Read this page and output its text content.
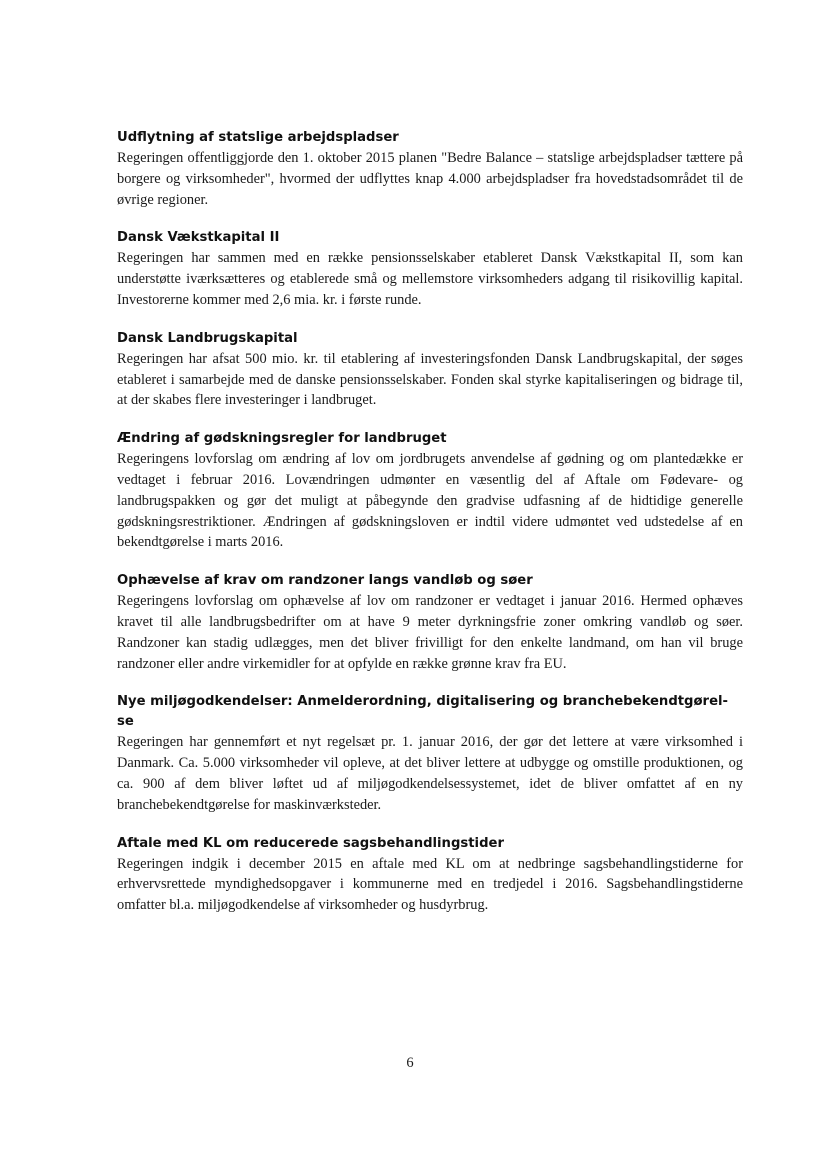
Udflytning af statslige arbejdspladser

Regeringen offentliggjorde den 1. oktober 2015 planen "Bedre Balance – statslige arbejdspladser tættere på borgere og virksomheder", hvormed der udflyttes knap 4.000 arbejdspladser fra hovedstadsområdet til de øvrige regioner.

Dansk Vækstkapital II

Regeringen har sammen med en række pensionsselskaber etableret Dansk Vækstkapital II, som kan understøtte iværksætteres og etablerede små og mellemstore virksomheders adgang til risikovillig kapital. Investorerne kommer med 2,6 mia. kr. i første runde.

Dansk Landbrugskapital

Regeringen har afsat 500 mio. kr. til etablering af investeringsfonden Dansk Landbrugskapital, der søges etableret i samarbejde med de danske pensionsselskaber. Fonden skal styrke kapitaliseringen og bidrage til, at der skabes flere investeringer i landbruget.

Ændring af gødskningsregler for landbruget

Regeringens lovforslag om ændring af lov om jordbrugets anvendelse af gødning og om plantedække er vedtaget i februar 2016. Lovændringen udmønter en væsentlig del af Aftale om Fødevare- og landbrugspakken og gør det muligt at påbegynde den gradvise udfasning af de hidtidige generelle gødskningsrestriktioner. Ændringen af gødskningsloven er indtil videre udmøntet ved udstedelse af en bekendtgørelse i marts 2016.

Ophævelse af krav om randzoner langs vandløb og søer

Regeringens lovforslag om ophævelse af lov om randzoner er vedtaget i januar 2016. Hermed ophæves kravet til alle landbrugsbedrifter om at have 9 meter dyrkningsfrie zoner omkring vandløb og søer. Randzoner kan stadig udlægges, men det bliver frivilligt for den enkelte landmand, om han vil bruge randzoner eller andre virkemidler for at opfylde en række grønne krav fra EU.

Nye miljøgodkendelser: Anmelderordning, digitalisering og branchebekendtgørel-se

Regeringen har gennemført et nyt regelsæt pr. 1. januar 2016, der gør det lettere at være virksomhed i Danmark. Ca. 5.000 virksomheder vil opleve, at det bliver lettere at udbygge og omstille produktionen, og ca. 900 af dem bliver løftet ud af miljøgodkendelsessystemet, idet de bliver omfattet af en ny branchebekendtgørelse for maskinværksteder.

Aftale med KL om reducerede sagsbehandlingstider

Regeringen indgik i december 2015 en aftale med KL om at nedbringe sagsbehandlingstiderne for erhvervsrettede myndighedsopgaver i kommunerne med en tredjedel i 2016. Sagsbehandlingstiderne omfatter bl.a. miljøgodkendelse af virksomheder og husdyrbrug.

6
